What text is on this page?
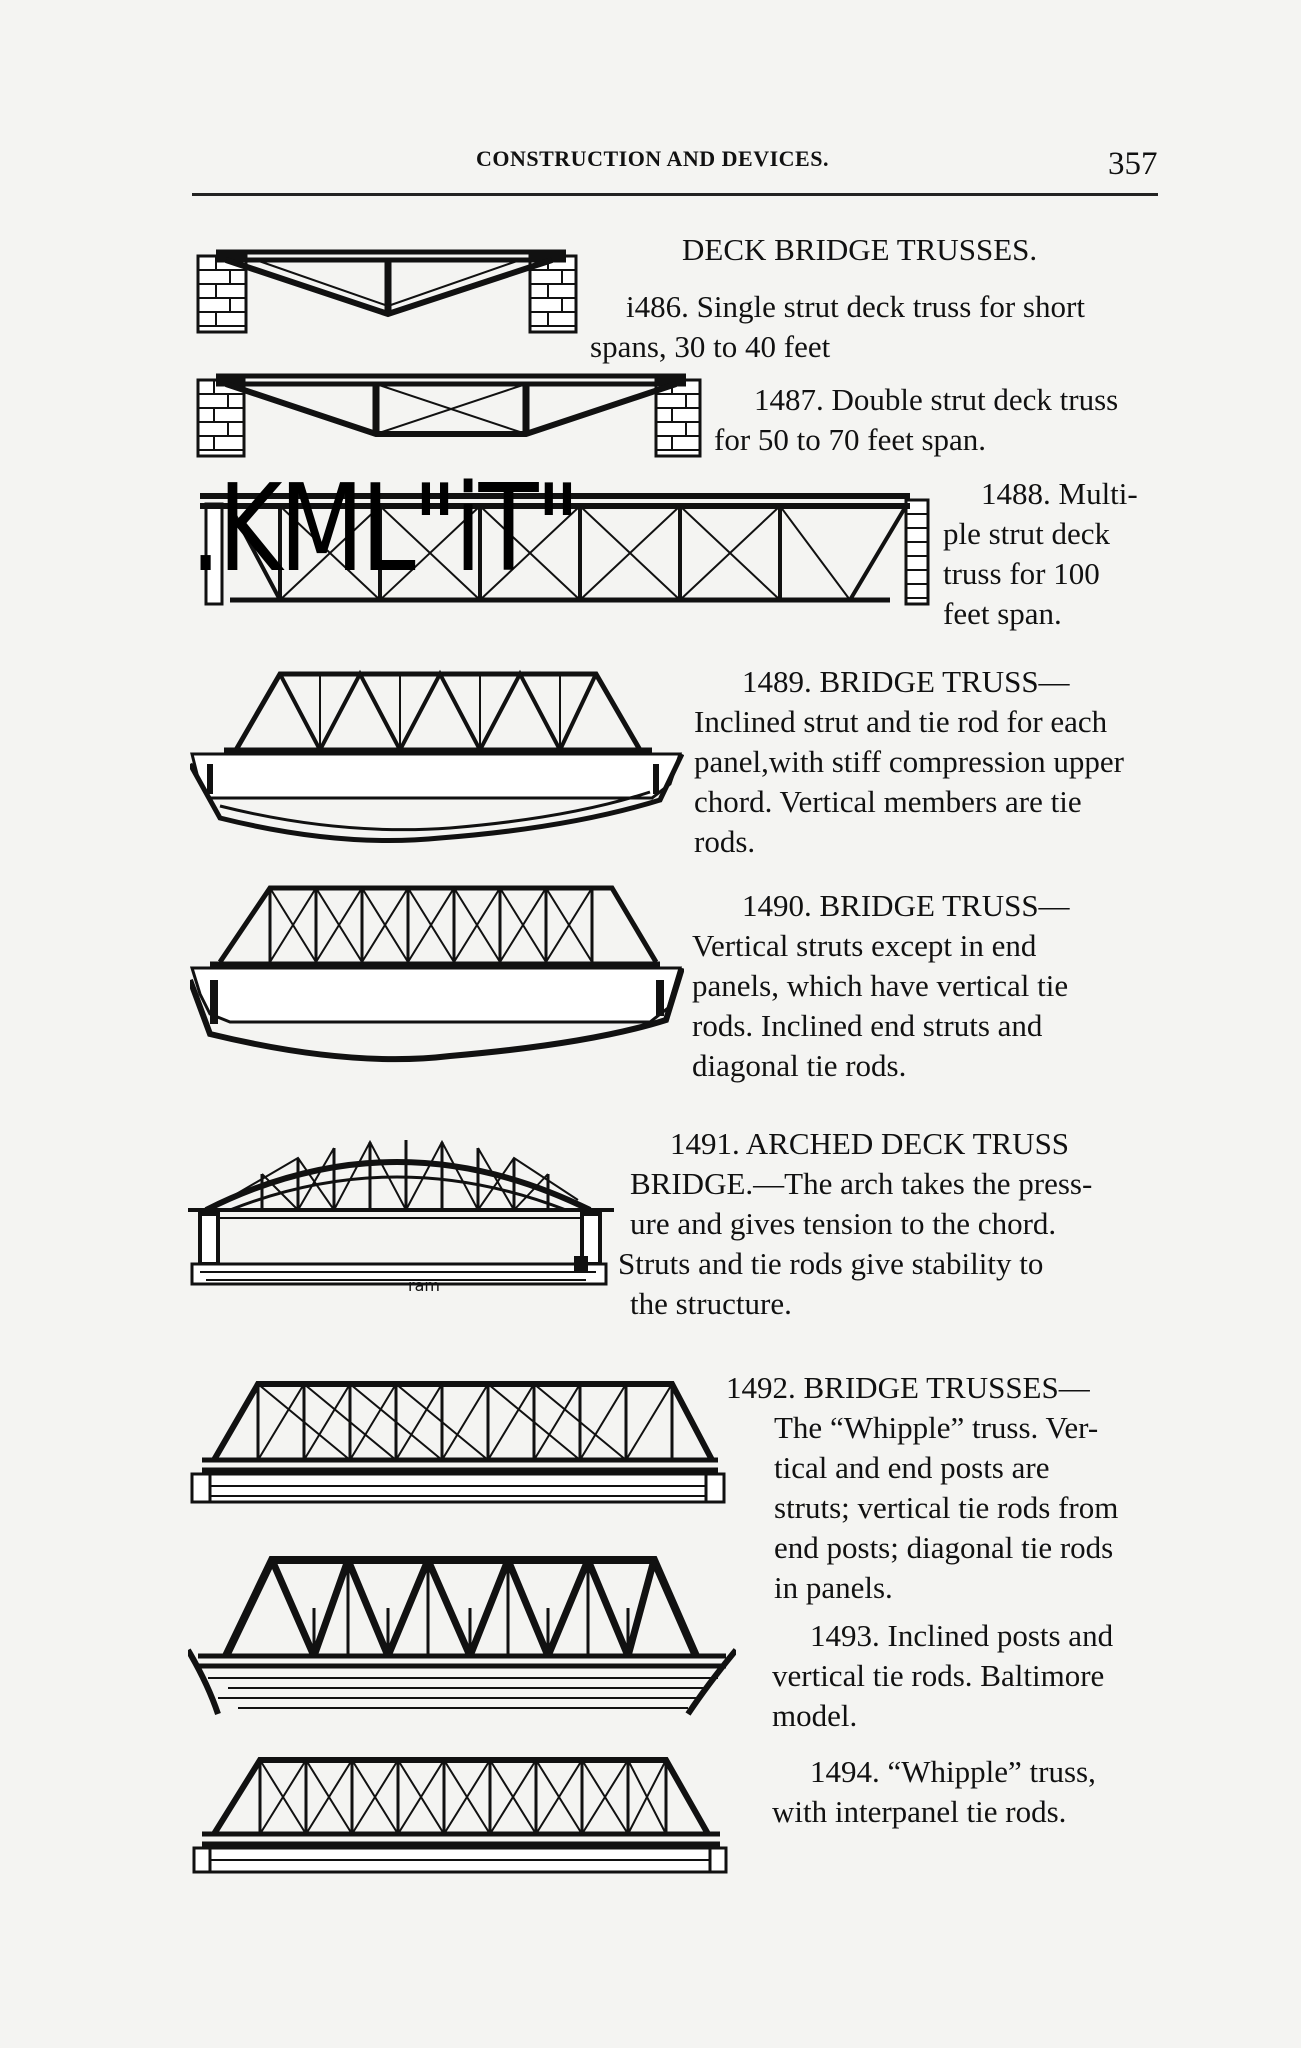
CONSTRUCTION AND DEVICES.	357
DECK BRIDGE TRUSSES.
i486. Single strut deck truss for short
spans, 30 to 40 feet
1487. Double strut deck truss
for 50 to 70 feet span.
1488. Multi-
ple strut deck
truss for 100
feet span.
1489. BRIDGE TRUSS—
Inclined strut and tie rod for each
panel,with stiff compression upper
chord. Vertical members are tie
rods.
1490. BRIDGE TRUSS—
Vertical struts except in end
panels, which have vertical tie
rods. Inclined end struts and
diagonal tie rods.
1491. ARCHED DECK TRUSS
BRIDGE.—The arch takes the press-
ure and gives tension to the chord.
Struts and tie rods give stability to
the structure.
1492. BRIDGE TRUSSES—
The “Whipple” truss. Ver-
tical and end posts are
struts; vertical tie rods from
end posts; diagonal tie rods
in panels.
1493. Inclined posts and
vertical tie rods. Baltimore
model.
1494. “Whipple” truss,
with interpanel tie rods.
.KML"iT"
ram
